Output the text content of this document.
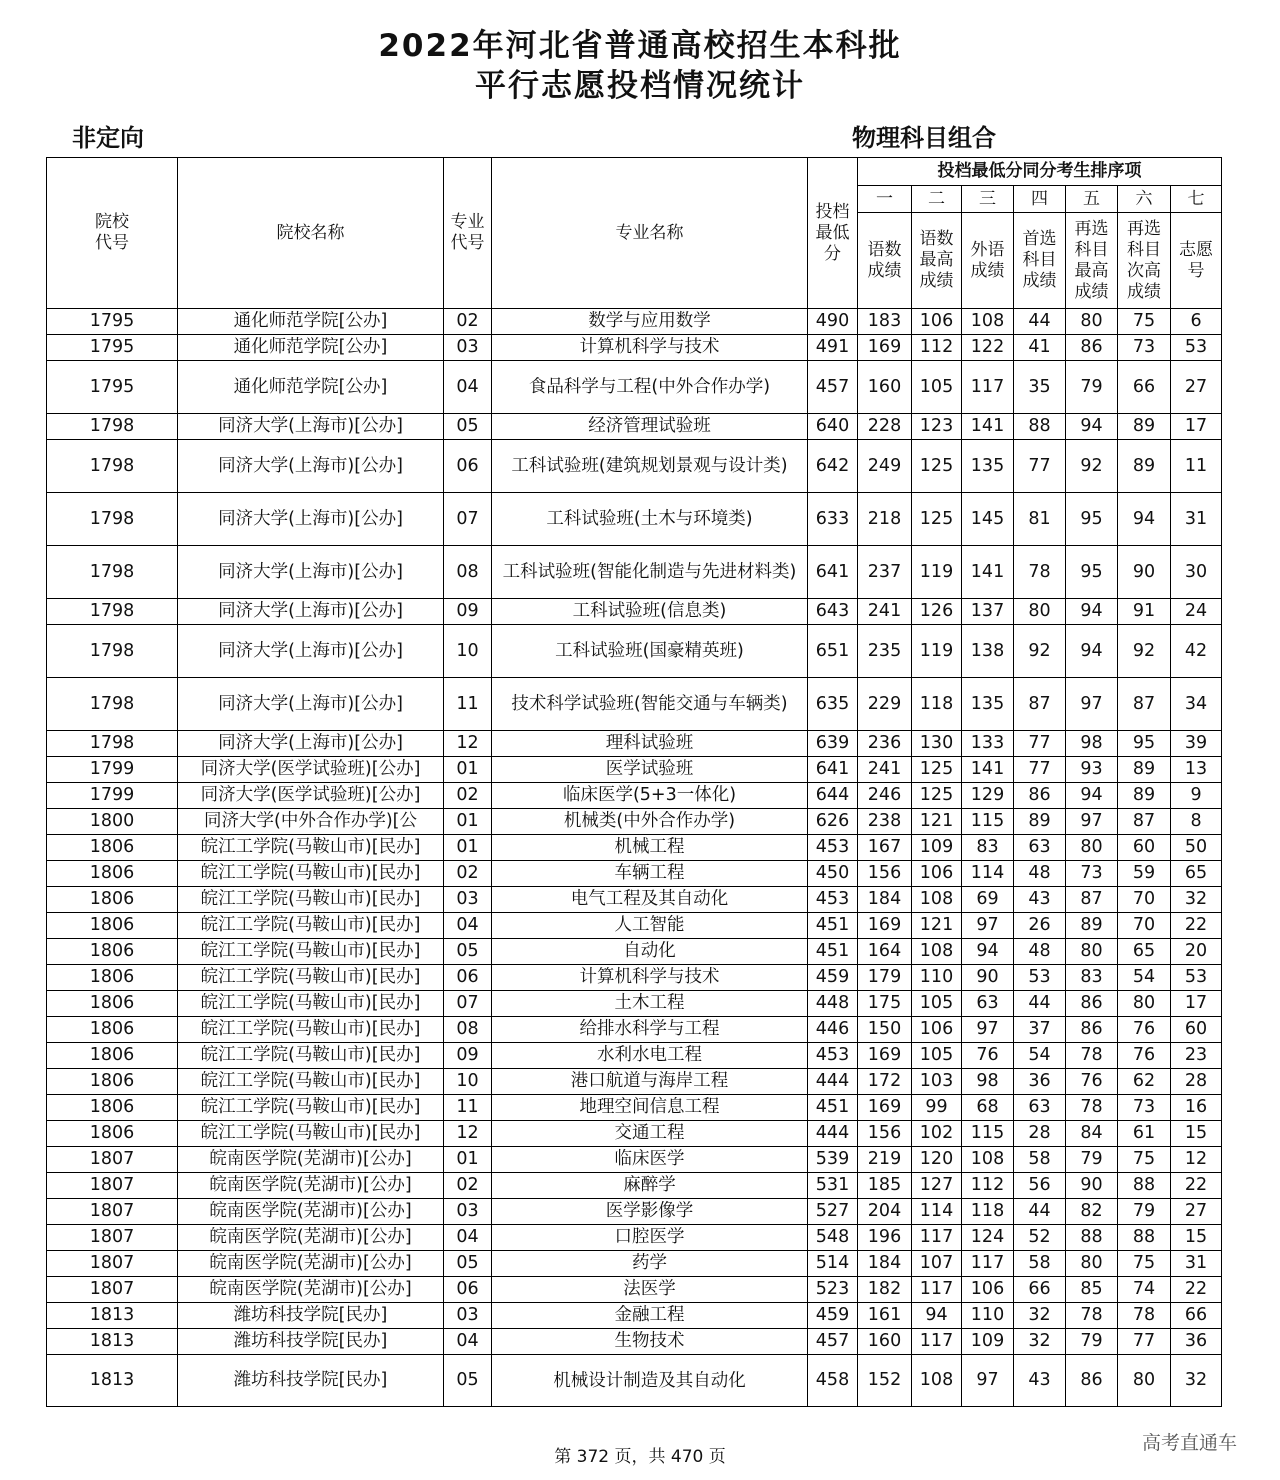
2022年河北省普通高校招生本科批
平行志愿投档情况统计
非定向	物理科目组合
院校代号	院校名称	专业代号	专业名称	投档最低分	投档最低分同分考生排序项						
					一	二	三	四	五	六	七

					语数成绩	语数最高成绩	外语成绩	首选科目成绩	再选科目最高成绩	再选科目次高成绩	志愿号

1795	通化师范学院[公办]	02	数学与应用数学	490	183	106	108	44	80	75	6
1795	通化师范学院[公办]	03	计算机科学与技术	491	169	112	122	41	86	73	53
1795	通化师范学院[公办]	04	食品科学与工程(中外合作办学)	457	160	105	117	35	79	66	27
1798	同济大学(上海市)[公办]	05	经济管理试验班	640	228	123	141	88	94	89	17
1798	同济大学(上海市)[公办]	06	工科试验班(建筑规划景观与设计类)	642	249	125	135	77	92	89	11
1798	同济大学(上海市)[公办]	07	工科试验班(土木与环境类)	633	218	125	145	81	95	94	31
1798	同济大学(上海市)[公办]	08	工科试验班(智能化制造与先进材料类)	641	237	119	141	78	95	90	30
1798	同济大学(上海市)[公办]	09	工科试验班(信息类)	643	241	126	137	80	94	91	24
1798	同济大学(上海市)[公办]	10	工科试验班(国豪精英班)	651	235	119	138	92	94	92	42
1798	同济大学(上海市)[公办]	11	技术科学试验班(智能交通与车辆类)	635	229	118	135	87	97	87	34
1798	同济大学(上海市)[公办]	12	理科试验班	639	236	130	133	77	98	95	39
1799	同济大学(医学试验班)[公办]	01	医学试验班	641	241	125	141	77	93	89	13
1799	同济大学(医学试验班)[公办]	02	临床医学(5+3一体化)	644	246	125	129	86	94	89	9
1800	同济大学(中外合作办学)[公	01	机械类(中外合作办学)	626	238	121	115	89	97	87	8
1806	皖江工学院(马鞍山市)[民办]	01	机械工程	453	167	109	83	63	80	60	50
1806	皖江工学院(马鞍山市)[民办]	02	车辆工程	450	156	106	114	48	73	59	65
1806	皖江工学院(马鞍山市)[民办]	03	电气工程及其自动化	453	184	108	69	43	87	70	32
1806	皖江工学院(马鞍山市)[民办]	04	人工智能	451	169	121	97	26	89	70	22
1806	皖江工学院(马鞍山市)[民办]	05	自动化	451	164	108	94	48	80	65	20
1806	皖江工学院(马鞍山市)[民办]	06	计算机科学与技术	459	179	110	90	53	83	54	53
1806	皖江工学院(马鞍山市)[民办]	07	土木工程	448	175	105	63	44	86	80	17
1806	皖江工学院(马鞍山市)[民办]	08	给排水科学与工程	446	150	106	97	37	86	76	60
1806	皖江工学院(马鞍山市)[民办]	09	水利水电工程	453	169	105	76	54	78	76	23
1806	皖江工学院(马鞍山市)[民办]	10	港口航道与海岸工程	444	172	103	98	36	76	62	28
1806	皖江工学院(马鞍山市)[民办]	11	地理空间信息工程	451	169	99	68	63	78	73	16
1806	皖江工学院(马鞍山市)[民办]	12	交通工程	444	156	102	115	28	84	61	15
1807	皖南医学院(芜湖市)[公办]	01	临床医学	539	219	120	108	58	79	75	12
1807	皖南医学院(芜湖市)[公办]	02	麻醉学	531	185	127	112	56	90	88	22
1807	皖南医学院(芜湖市)[公办]	03	医学影像学	527	204	114	118	44	82	79	27
1807	皖南医学院(芜湖市)[公办]	04	口腔医学	548	196	117	124	52	88	88	15
1807	皖南医学院(芜湖市)[公办]	05	药学	514	184	107	117	58	80	75	31
1807	皖南医学院(芜湖市)[公办]	06	法医学	523	182	117	106	66	85	74	22
1813	潍坊科技学院[民办]	03	金融工程	459	161	94	110	32	78	78	66
1813	潍坊科技学院[民办]	04	生物技术	457	160	117	109	32	79	77	36
1813	潍坊科技学院[民办]	05	机械设计制造及其自动化	458	152	108	97	43	86	80	32
第 372 页，共 470 页
高考直通车
